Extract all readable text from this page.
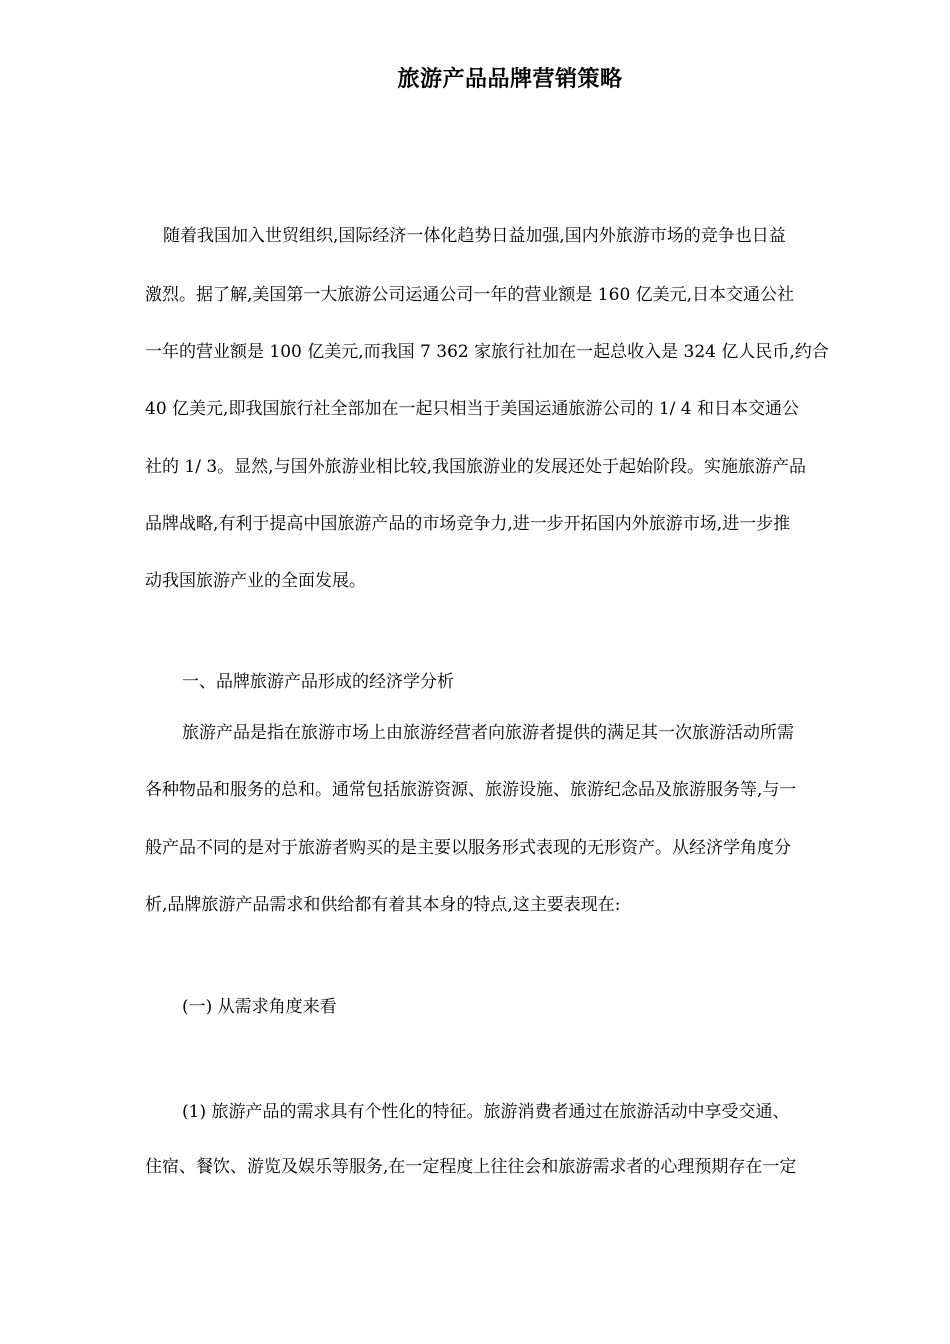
旅游产品品牌营销策略
随着我国加入世贸组织,国际经济一体化趋势日益加强,国内外旅游市场的竞争也日益
激烈。据了解,美国第一大旅游公司运通公司一年的营业额是 160 亿美元,日本交通公社
一年的营业额是 100 亿美元,而我国 7 362 家旅行社加在一起总收入是 324 亿人民币,约合
40 亿美元,即我国旅行社全部加在一起只相当于美国运通旅游公司的 1/ 4 和日本交通公
社的 1/ 3。显然,与国外旅游业相比较,我国旅游业的发展还处于起始阶段。实施旅游产品
品牌战略,有利于提高中国旅游产品的市场竞争力,进一步开拓国内外旅游市场,进一步推
动我国旅游产业的全面发展。
一、品牌旅游产品形成的经济学分析
旅游产品是指在旅游市场上由旅游经营者向旅游者提供的满足其一次旅游活动所需
各种物品和服务的总和。通常包括旅游资源、旅游设施、旅游纪念品及旅游服务等,与一
般产品不同的是对于旅游者购买的是主要以服务形式表现的无形资产。从经济学角度分
析,品牌旅游产品需求和供给都有着其本身的特点,这主要表现在:
(一) 从需求角度来看
(1) 旅游产品的需求具有个性化的特征。旅游消费者通过在旅游活动中享受交通、
住宿、餐饮、游览及娱乐等服务,在一定程度上往往会和旅游需求者的心理预期存在一定
